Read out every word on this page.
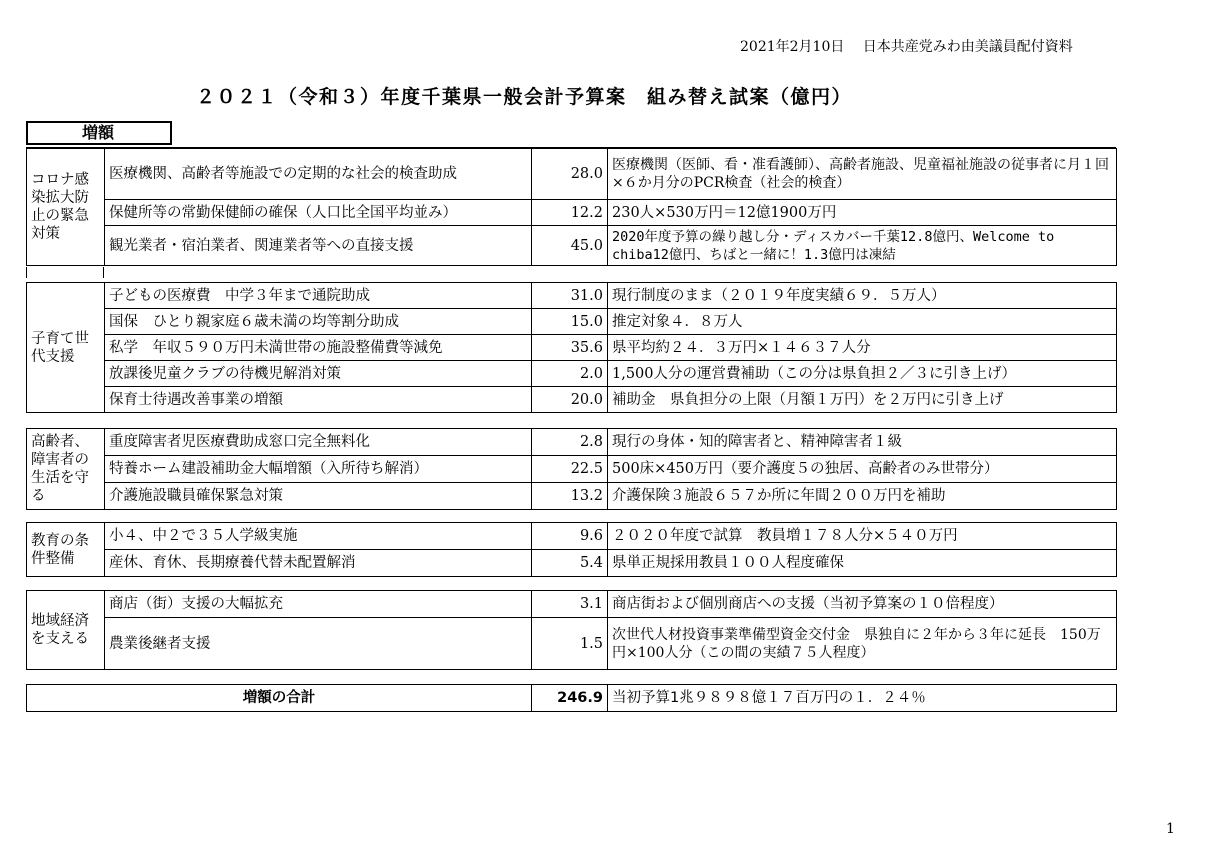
2021年2月10日　 日本共産党みわ由美議員配付資料
２０２１（令和３）年度千葉県一般会計予算案　組み替え試案（億円）
増額
コロナ感染拡大防止の緊急対策	医療機関、高齢者等施設での定期的な社会的検査助成	28.0	医療機関（医師、看・准看護師）、高齢者施設、児童福祉施設の従事者に月１回×６か月分のPCR検査（社会的検査）
	保健所等の常勤保健師の確保（人口比全国平均並み）	12.2	230人×530万円＝12億1900万円
	観光業者・宿泊業者、関連業者等への直接支援	45.0	2020年度予算の繰り越し分・ディスカバー千葉12.8億円、Welcome to chiba12億円、ちばと一緒に！1.3億円は凍結
子育て世代支援	子どもの医療費　中学３年まで通院助成	31.0	現行制度のまま（２０１９年度実績６９．５万人）
	国保　ひとり親家庭６歳未満の均等割分助成	15.0	推定対象４．８万人
	私学　年収５９０万円未満世帯の施設整備費等減免	35.6	県平均約２４．３万円×１４６３７人分
	放課後児童クラブの待機児解消対策	2.0	1,500人分の運営費補助（この分は県負担２／３に引き上げ）
	保育士待遇改善事業の増額	20.0	補助金　県負担分の上限（月額１万円）を２万円に引き上げ
高齢者、障害者の生活を守る	重度障害者児医療費助成窓口完全無料化	2.8	現行の身体・知的障害者と、精神障害者１級
	特養ホーム建設補助金大幅増額（入所待ち解消）	22.5	500床×450万円（要介護度５の独居、高齢者のみ世帯分）
	介護施設職員確保緊急対策	13.2	介護保険３施設６５７か所に年間２００万円を補助
教育の条件整備	小４、中２で３５人学級実施	9.6	２０２０年度で試算　教員増１７８人分×５４０万円
	産休、育休、長期療養代替未配置解消	5.4	県単正規採用教員１００人程度確保
地域経済を支える	商店（街）支援の大幅拡充	3.1	商店街および個別商店への支援（当初予算案の１０倍程度）
	農業後継者支援	1.5	次世代人材投資事業準備型資金交付金　県独自に２年から３年に延長　150万円×100人分（この間の実績７５人程度）
増額の合計	246.9	当初予算1兆９８９８億１７百万円の１．２４％
1
